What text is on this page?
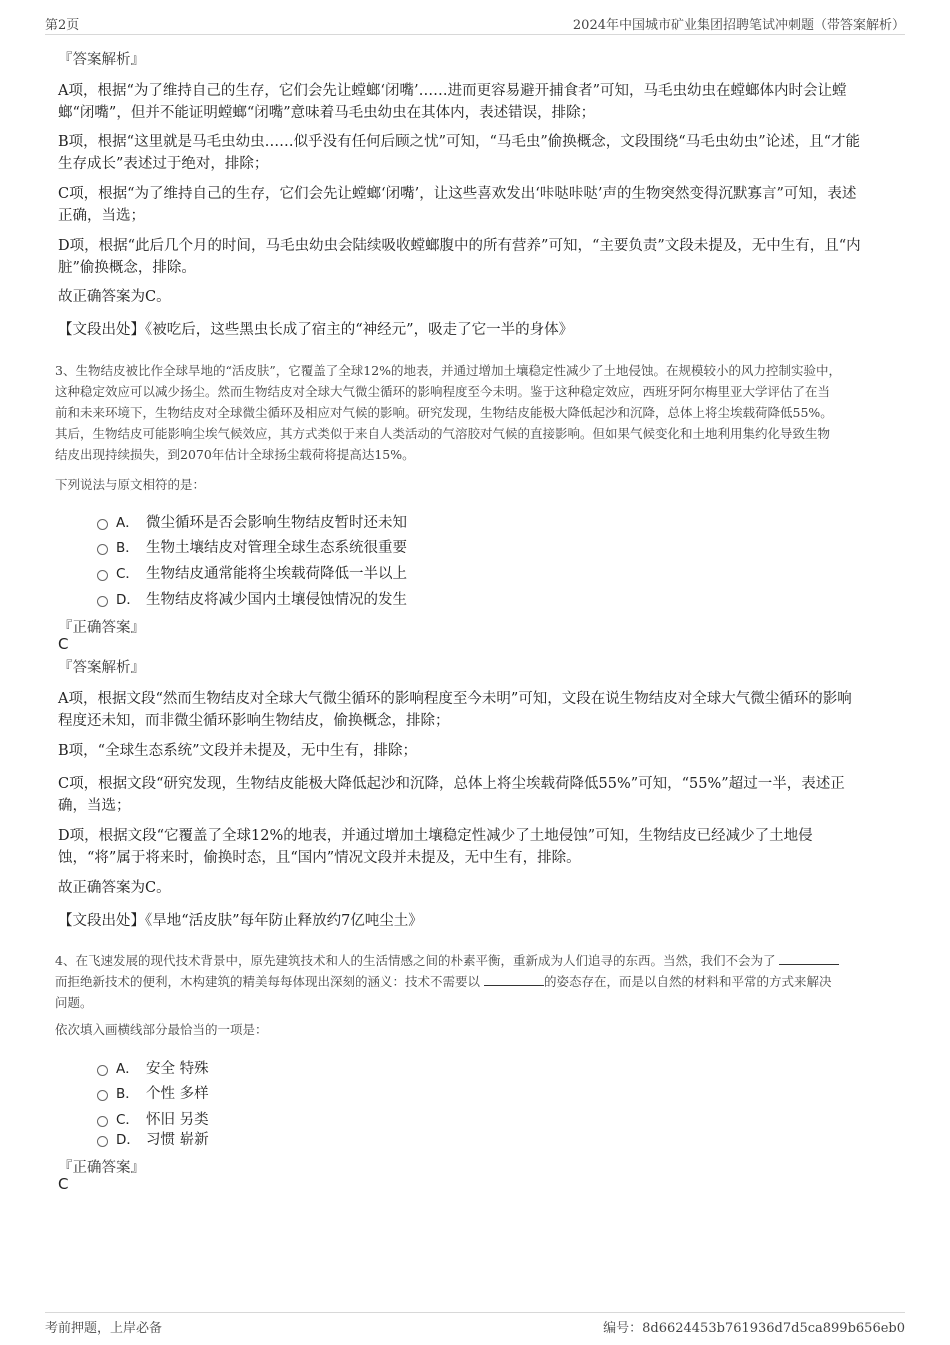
第2页	2024年中国城市矿业集团招聘笔试冲刺题（带答案解析）
『答案解析』
A项，根据“为了维持自己的生存，它们会先让螳螂‘闭嘴’……进而更容易避开捕食者”可知，马毛虫幼虫在螳螂体内时会让螳
螂“闭嘴”，但并不能证明螳螂“闭嘴”意味着马毛虫幼虫在其体内，表述错误，排除；
B项，根据“这里就是马毛虫幼虫……似乎没有任何后顾之忧”可知，“马毛虫”偷换概念，文段围绕“马毛虫幼虫”论述，且“才能
生存成长”表述过于绝对，排除；
C项，根据“为了维持自己的生存，它们会先让螳螂‘闭嘴’，让这些喜欢发出‘咔哒咔哒’声的生物突然变得沉默寡言”可知，表述
正确，当选；
D项，根据“此后几个月的时间，马毛虫幼虫会陆续吸收螳螂腹中的所有营养”可知，“主要负责”文段未提及，无中生有，且“内
脏”偷换概念，排除。
故正确答案为C。
【文段出处】《被吃后，这些黑虫长成了宿主的“神经元”，吸走了它一半的身体》
3、生物结皮被比作全球旱地的“活皮肤”，它覆盖了全球12%的地表，并通过增加土壤稳定性减少了土地侵蚀。在规模较小的风力控制实验中，
这种稳定效应可以减少扬尘。然而生物结皮对全球大气微尘循环的影响程度至今未明。鉴于这种稳定效应，西班牙阿尔梅里亚大学评估了在当
前和未来环境下，生物结皮对全球微尘循环及相应对气候的影响。研究发现，生物结皮能极大降低起沙和沉降，总体上将尘埃载荷降低55%。
其后，生物结皮可能影响尘埃气候效应，其方式类似于来自人类活动的气溶胶对气候的直接影响。但如果气候变化和土地利用集约化导致生物
结皮出现持续损失，到2070年估计全球扬尘载荷将提高达15%。
下列说法与原文相符的是：
A． 微尘循环是否会影响生物结皮暂时还未知
B． 生物土壤结皮对管理全球生态系统很重要
C． 生物结皮通常能将尘埃载荷降低一半以上
D． 生物结皮将减少国内土壤侵蚀情况的发生
『正确答案』
C
『答案解析』
A项，根据文段“然而生物结皮对全球大气微尘循环的影响程度至今未明”可知，文段在说生物结皮对全球大气微尘循环的影响
程度还未知，而非微尘循环影响生物结皮，偷换概念，排除；
B项，“全球生态系统”文段并未提及，无中生有，排除；
C项，根据文段“研究发现，生物结皮能极大降低起沙和沉降，总体上将尘埃载荷降低55%”可知，“55%”超过一半，表述正
确，当选；
D项，根据文段“它覆盖了全球12%的地表，并通过增加土壤稳定性减少了土地侵蚀”可知，生物结皮已经减少了土地侵
蚀，“将”属于将来时，偷换时态，且“国内”情况文段并未提及，无中生有，排除。
故正确答案为C。
【文段出处】《旱地“活皮肤”每年防止释放约7亿吨尘土》
4、在飞速发展的现代技术背景中，原先建筑技术和人的生活情感之间的朴素平衡，重新成为人们追寻的东西。当然，我们不会为了
而拒绝新技术的便利，木构建筑的精美每每体现出深刻的涵义：技术不需要以	的姿态存在，而是以自然的材料和平常的方式来解决
问题。
依次填入画横线部分最恰当的一项是：
A． 安全 特殊
B． 个性 多样
C． 怀旧 另类
D． 习惯 崭新
『正确答案』
C
考前押题，上岸必备	编号：8d6624453b761936d7d5ca899b656eb0
